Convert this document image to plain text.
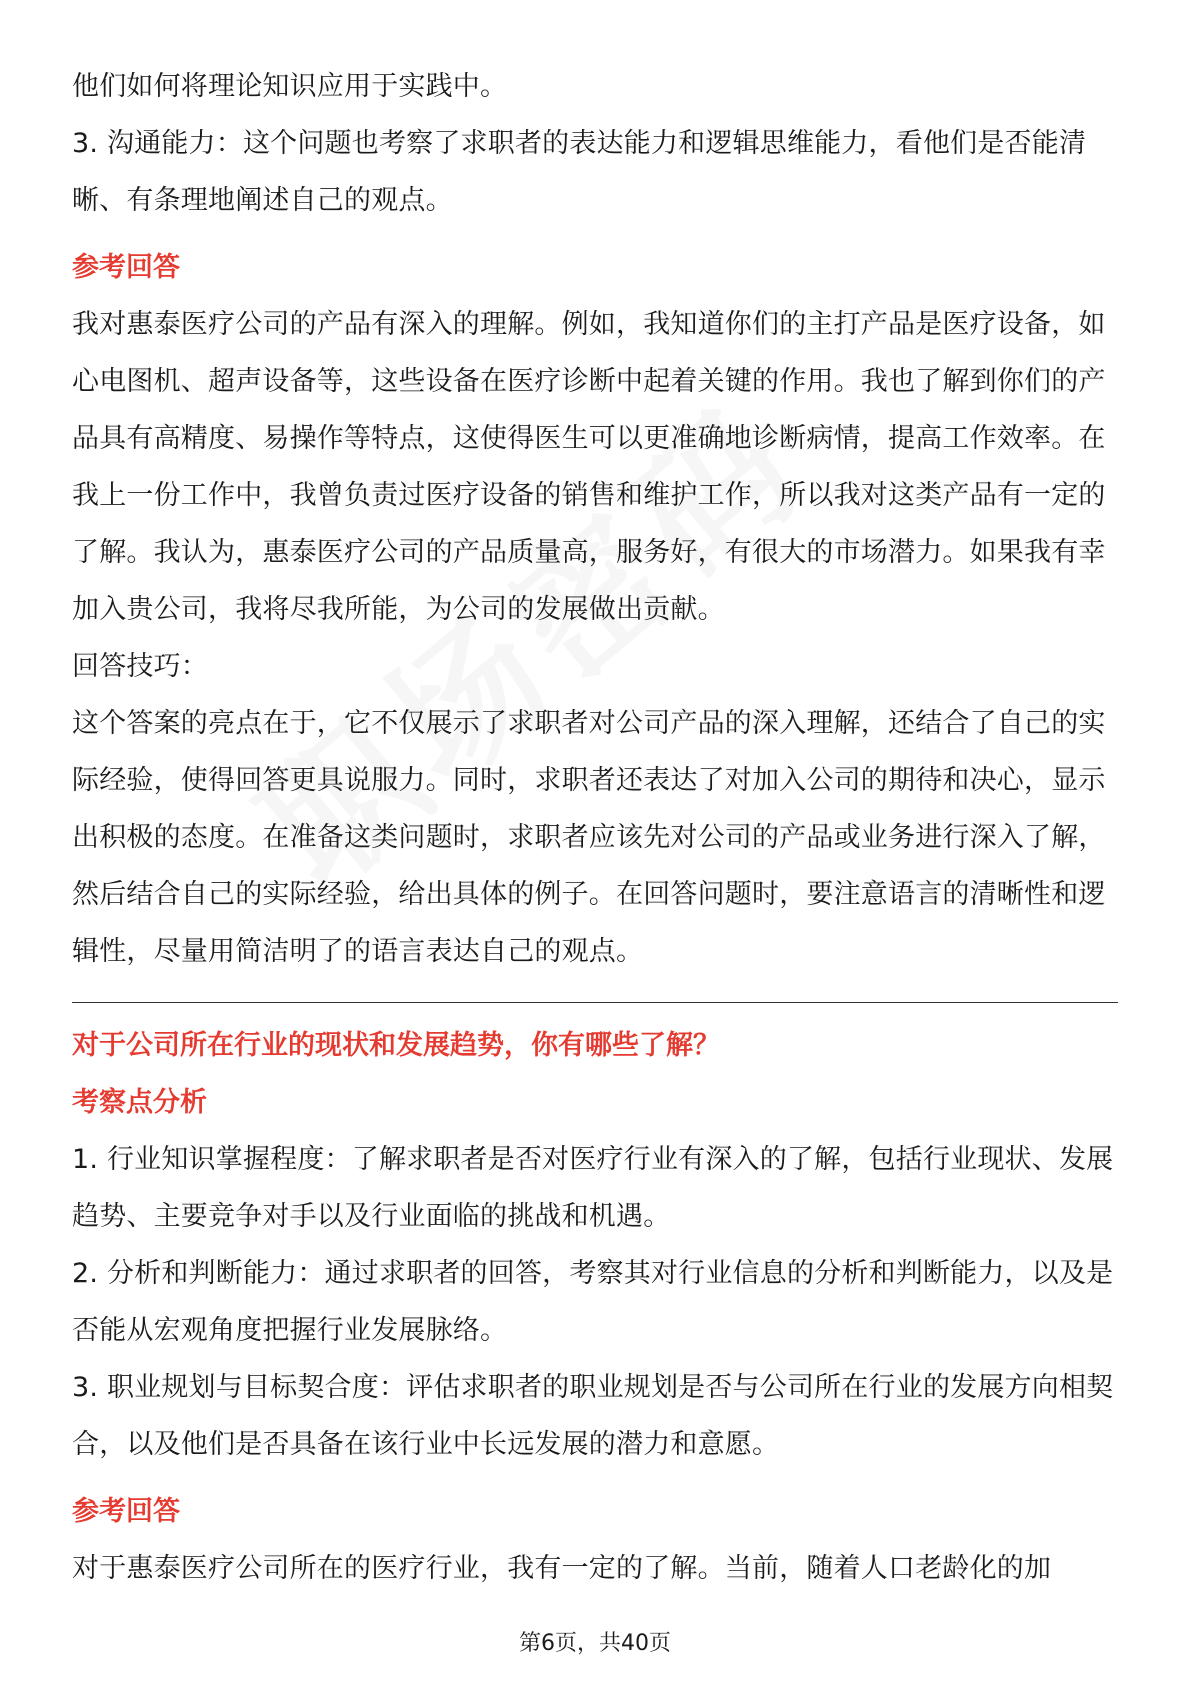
他们如何将理论知识应用于实践中。

3. 沟通能力：这个问题也考察了求职者的表达能力和逻辑思维能力，看他们是否能清晰、有条理地阐述自己的观点。

参考回答

我对惠泰医疗公司的产品有深入的理解。例如，我知道你们的主打产品是医疗设备，如心电图机、超声设备等，这些设备在医疗诊断中起着关键的作用。我也了解到你们的产品具有高精度、易操作等特点，这使得医生可以更准确地诊断病情，提高工作效率。在我上一份工作中，我曾负责过医疗设备的销售和维护工作，所以我对这类产品有一定的了解。我认为，惠泰医疗公司的产品质量高，服务好，有很大的市场潜力。如果我有幸加入贵公司，我将尽我所能，为公司的发展做出贡献。

回答技巧：

这个答案的亮点在于，它不仅展示了求职者对公司产品的深入理解，还结合了自己的实际经验，使得回答更具说服力。同时，求职者还表达了对加入公司的期待和决心，显示出积极的态度。在准备这类问题时，求职者应该先对公司的产品或业务进行深入了解，然后结合自己的实际经验，给出具体的例子。在回答问题时，要注意语言的清晰性和逻辑性，尽量用简洁明了的语言表达自己的观点。

对于公司所在行业的现状和发展趋势，你有哪些了解？

考察点分析

1. 行业知识掌握程度：了解求职者是否对医疗行业有深入的了解，包括行业现状、发展趋势、主要竞争对手以及行业面临的挑战和机遇。

2. 分析和判断能力：通过求职者的回答，考察其对行业信息的分析和判断能力，以及是否能从宏观角度把握行业发展脉络。

3. 职业规划与目标契合度：评估求职者的职业规划是否与公司所在行业的发展方向相契合，以及他们是否具备在该行业中长远发展的潜力和意愿。

参考回答

对于惠泰医疗公司所在的医疗行业，我有一定的了解。当前，随着人口老龄化的加

第6页，共40页
